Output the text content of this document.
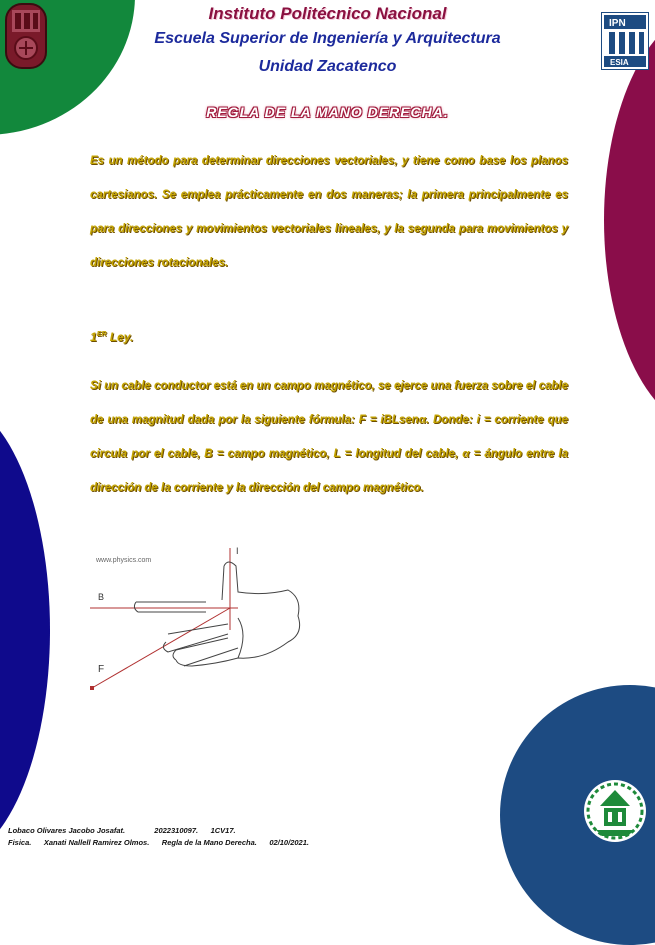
IPN
ESIA

Instituto Politécnico Nacional

Escuela Superior de Ingeniería y Arquitectura

Unidad Zacatenco

REGLA DE LA MANO DERECHA.

Es un método para determinar direcciones vectoriales, y tiene como base los planos cartesianos. Se emplea prácticamente en dos maneras; la primera principalmente es para direcciones y movimientos vectoriales lineales, y la segunda para movimientos y direcciones rotacionales.

1ER Ley.

Si un cable conductor está en un campo magnético, se ejerce una fuerza sobre el cable de una magnitud dada por la siguiente fórmula: F = iBLsenα. Donde: i = corriente que circula por el cable, B = campo magnético, L = longitud del cable, α = ángulo entre la dirección de la corriente y la dirección del campo magnético.

www.physics.com
I
B
F

Lobaco Olivares Jacobo Josafat.              2022310097.      1CV17.

Fisica.      Xanati Nallell Ramirez Olmos.      Regla de la Mano Derecha.      02/10/2021.
